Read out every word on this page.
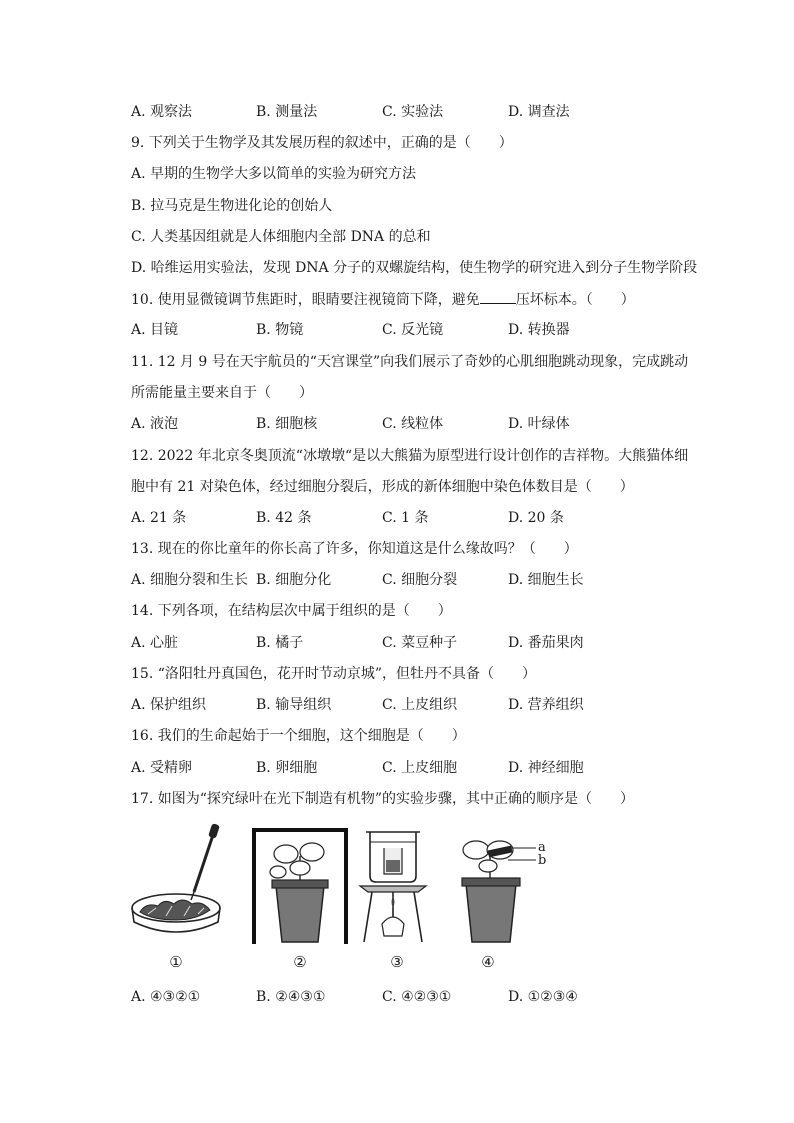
A. 观察法	B. 测量法	C. 实验法	D. 调查法
9. 下列关于生物学及其发展历程的叙述中，正确的是（　　）
A. 早期的生物学大多以简单的实验为研究方法
B. 拉马克是生物进化论的创始人
C. 人类基因组就是人体细胞内全部 DNA 的总和
D. 哈维运用实验法，发现 DNA 分子的双螺旋结构，使生物学的研究进入到分子生物学阶段
10. 使用显微镜调节焦距时，眼睛要注视镜筒下降，避免	压坏标本。（　　）
A. 目镜	B. 物镜	C. 反光镜	D. 转换器
11. 12 月 9 号在天宇航员的“天宫课堂”向我们展示了奇妙的心肌细胞跳动现象，完成跳动
所需能量主要来自于（　　）
A. 液泡	B. 细胞核	C. 线粒体	D. 叶绿体
12. 2022 年北京冬奥顶流“冰墩墩“是以大熊猫为原型进行设计创作的吉祥物。大熊猫体细
胞中有 21 对染色体，经过细胞分裂后，形成的新体细胞中染色体数目是（　　）
A. 21 条	B. 42 条	C. 1 条	D. 20 条
13. 现在的你比童年的你长高了许多，你知道这是什么缘故吗？（　　）
A. 细胞分裂和生长 B. 细胞分化	C. 细胞分裂	D. 细胞生长
14. 下列各项，在结构层次中属于组织的是（　　）
A. 心脏	B. 橘子	C. 菜豆种子	D. 番茄果肉
15. “洛阳牡丹真国色，花开时节动京城”，但牡丹不具备（　　）
A. 保护组织	B. 输导组织	C. 上皮组织	D. 营养组织
16. 我们的生命起始于一个细胞，这个细胞是（　　）
A. 受精卵	B. 卵细胞	C. 上皮细胞	D. 神经细胞
17. 如图为“探究绿叶在光下制造有机物”的实验步骤，其中正确的顺序是（　　）
①	②	③
a
b
④
A. ④③②①	B. ②④③①	C. ④②③①	D. ①②③④
